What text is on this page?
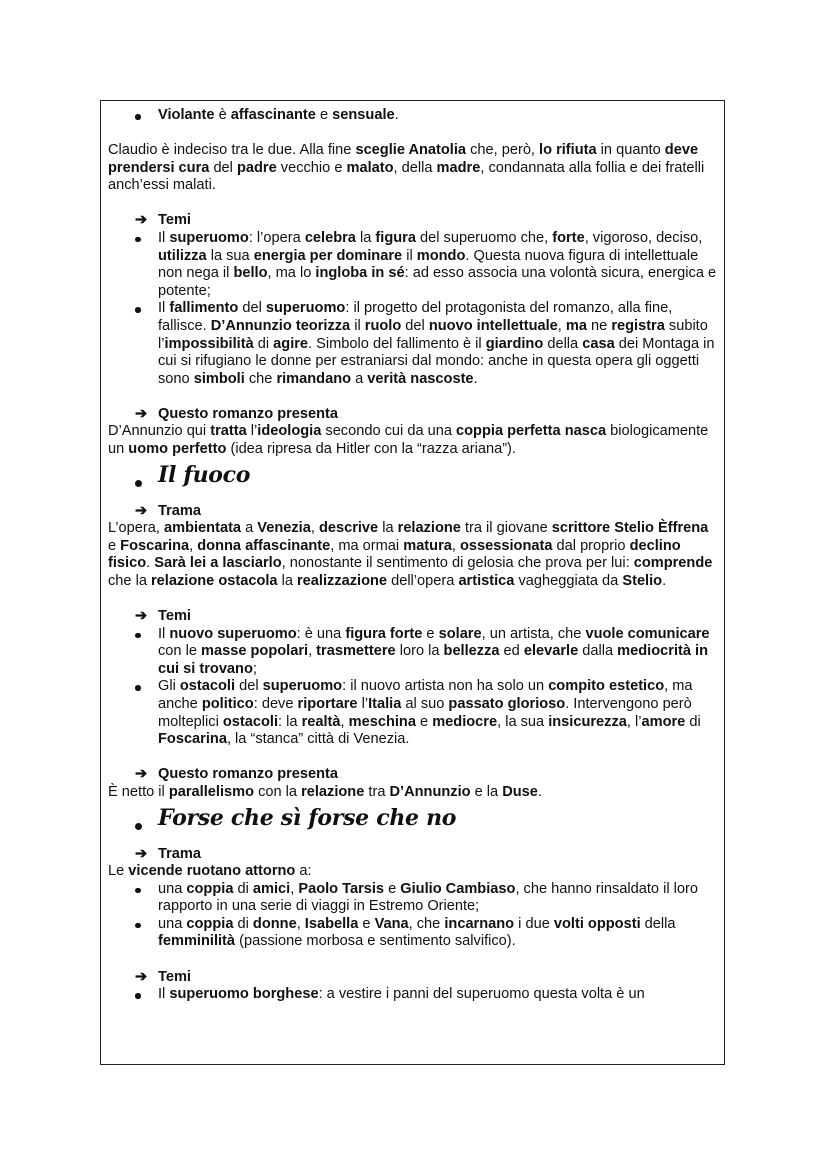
Violante è affascinante e sensuale.

Claudio è indeciso tra le due. Alla fine sceglie Anatolia che, però, lo rifiuta in quanto deve prendersi cura del padre vecchio e malato, della madre, condannata alla follia e dei fratelli anch’essi malati.

➔ Temi

Il superuomo: l’opera celebra la figura del superuomo che, forte, vigoroso, deciso, utilizza la sua energia per dominare il mondo. Questa nuova figura di intellettuale non nega il bello, ma lo ingloba in sé: ad esso associa una volontà sicura, energica e potente;

Il fallimento del superuomo: il progetto del protagonista del romanzo, alla fine, fallisce. D’Annunzio teorizza il ruolo del nuovo intellettuale, ma ne registra subito l’impossibilità di agire. Simbolo del fallimento è il giardino della casa dei Montaga in cui si rifugiano le donne per estraniarsi dal mondo: anche in questa opera gli oggetti sono simboli che rimandano a verità nascoste.

➔ Questo romanzo presenta

D’Annunzio qui tratta l’ideologia secondo cui da una coppia perfetta nasca biologicamente un uomo perfetto (idea ripresa da Hitler con la “razza ariana”).

Il fuoco

➔ Trama

L’opera, ambientata a Venezia, descrive la relazione tra il giovane scrittore Stelio Èffrena e Foscarina, donna affascinante, ma ormai matura, ossessionata dal proprio declino fisico. Sarà lei a lasciarlo, nonostante il sentimento di gelosia che prova per lui: comprende che la relazione ostacola la realizzazione dell’opera artistica vagheggiata da Stelio.

➔ Temi

Il nuovo superuomo: è una figura forte e solare, un artista, che vuole comunicare con le masse popolari, trasmettere loro la bellezza ed elevarle dalla mediocrità in cui si trovano;

Gli ostacoli del superuomo: il nuovo artista non ha solo un compito estetico, ma anche politico: deve riportare l’Italia al suo passato glorioso. Intervengono però molteplici ostacoli: la realtà, meschina e mediocre, la sua insicurezza, l’amore di Foscarina, la “stanca” città di Venezia.

➔ Questo romanzo presenta

È netto il parallelismo con la relazione tra D’Annunzio e la Duse.

Forse che sì forse che no

➔ Trama

Le vicende ruotano attorno a:

una coppia di amici, Paolo Tarsis e Giulio Cambiaso, che hanno rinsaldato il loro rapporto in una serie di viaggi in Estremo Oriente;

una coppia di donne, Isabella e Vana, che incarnano i due volti opposti della femminilità (passione morbosa e sentimento salvifico).

➔ Temi

Il superuomo borghese: a vestire i panni del superuomo questa volta è un
